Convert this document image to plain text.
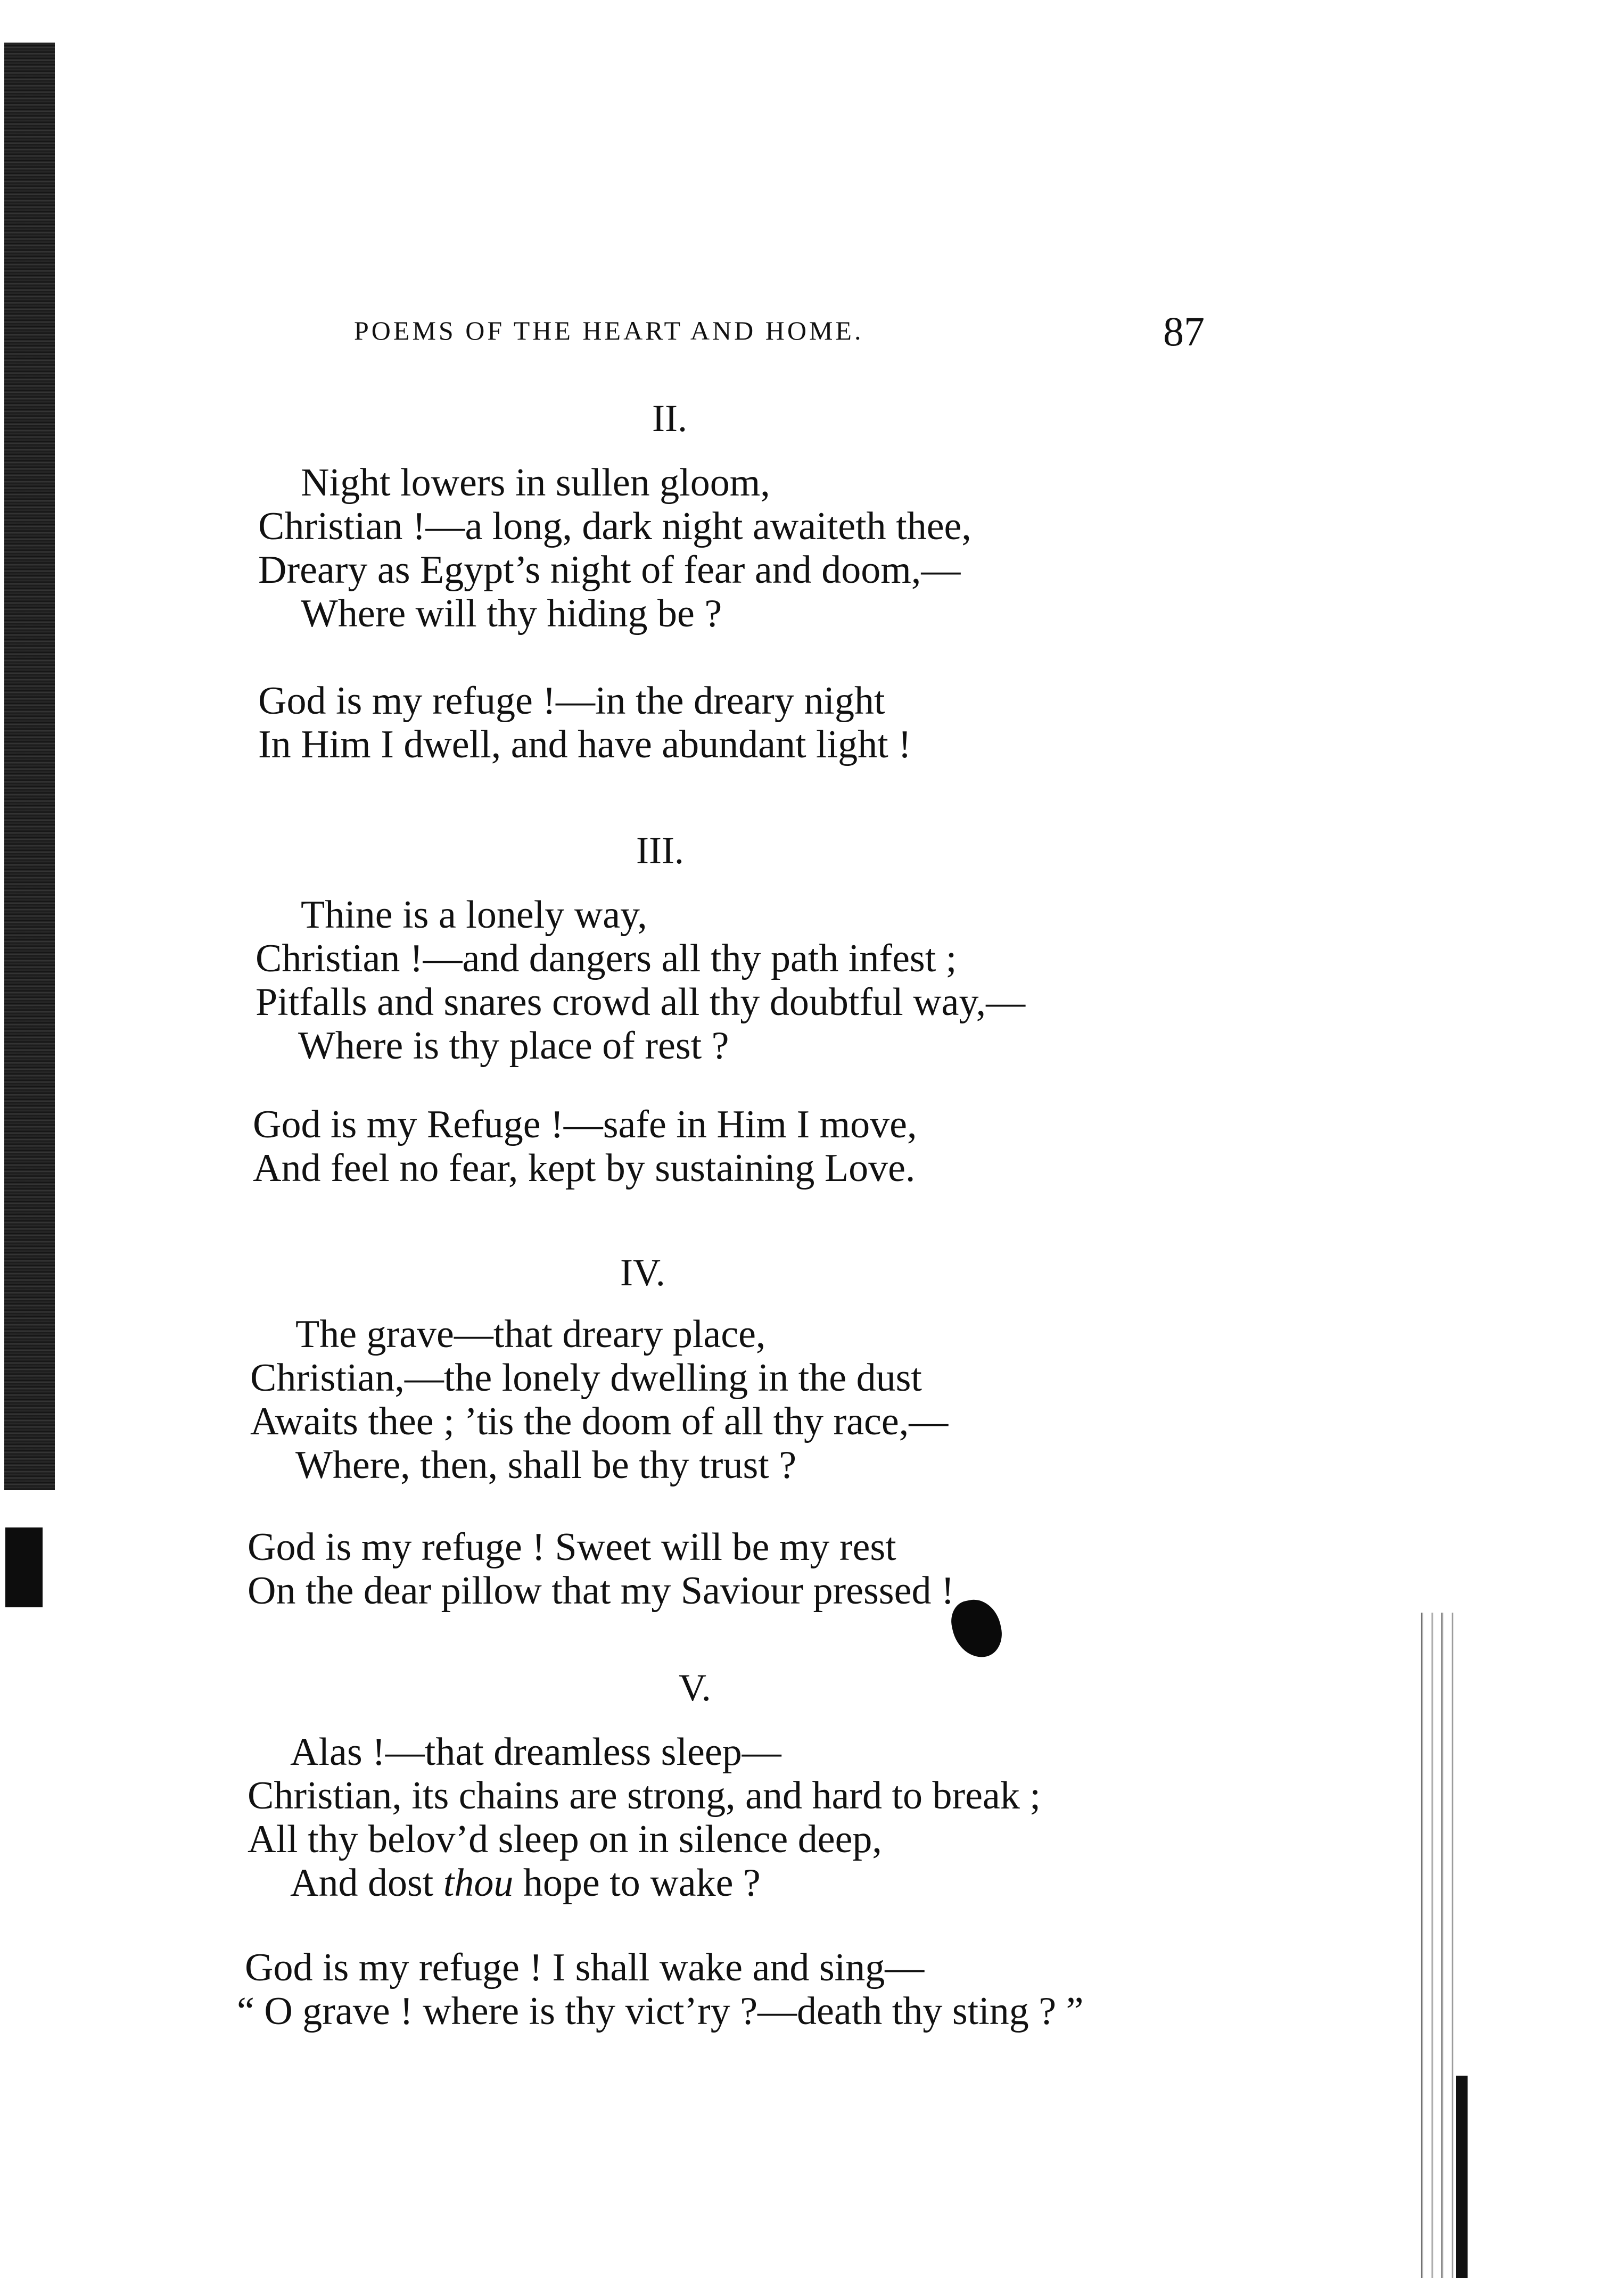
POEMS OF THE HEART AND HOME.	87
II.
Night lowers in sullen gloom,
Christian !—a long, dark night awaiteth thee,
Dreary as Egypt’s night of fear and doom,—
Where will thy hiding be ?
God is my refuge !—in the dreary night
In Him I dwell, and have abundant light !
III.
Thine is a lonely way,
Christian !—and dangers all thy path infest ;
Pitfalls and snares crowd all thy doubtful way,—
Where is thy place of rest ?
God is my Refuge !—safe in Him I move,
And feel no fear, kept by sustaining Love.
IV.
The grave—that dreary place,
Christian,—the lonely dwelling in the dust
Awaits thee ; ’tis the doom of all thy race,—
Where, then, shall be thy trust ?
God is my refuge ! Sweet will be my rest
On the dear pillow that my Saviour pressed !
V.
Alas !—that dreamless sleep—
Christian, its chains are strong, and hard to break ;
All thy belov’d sleep on in silence deep,
And dost thou hope to wake ?
God is my refuge ! I shall wake and sing—
“ O grave ! where is thy vict’ry ?—death thy sting ? ”
